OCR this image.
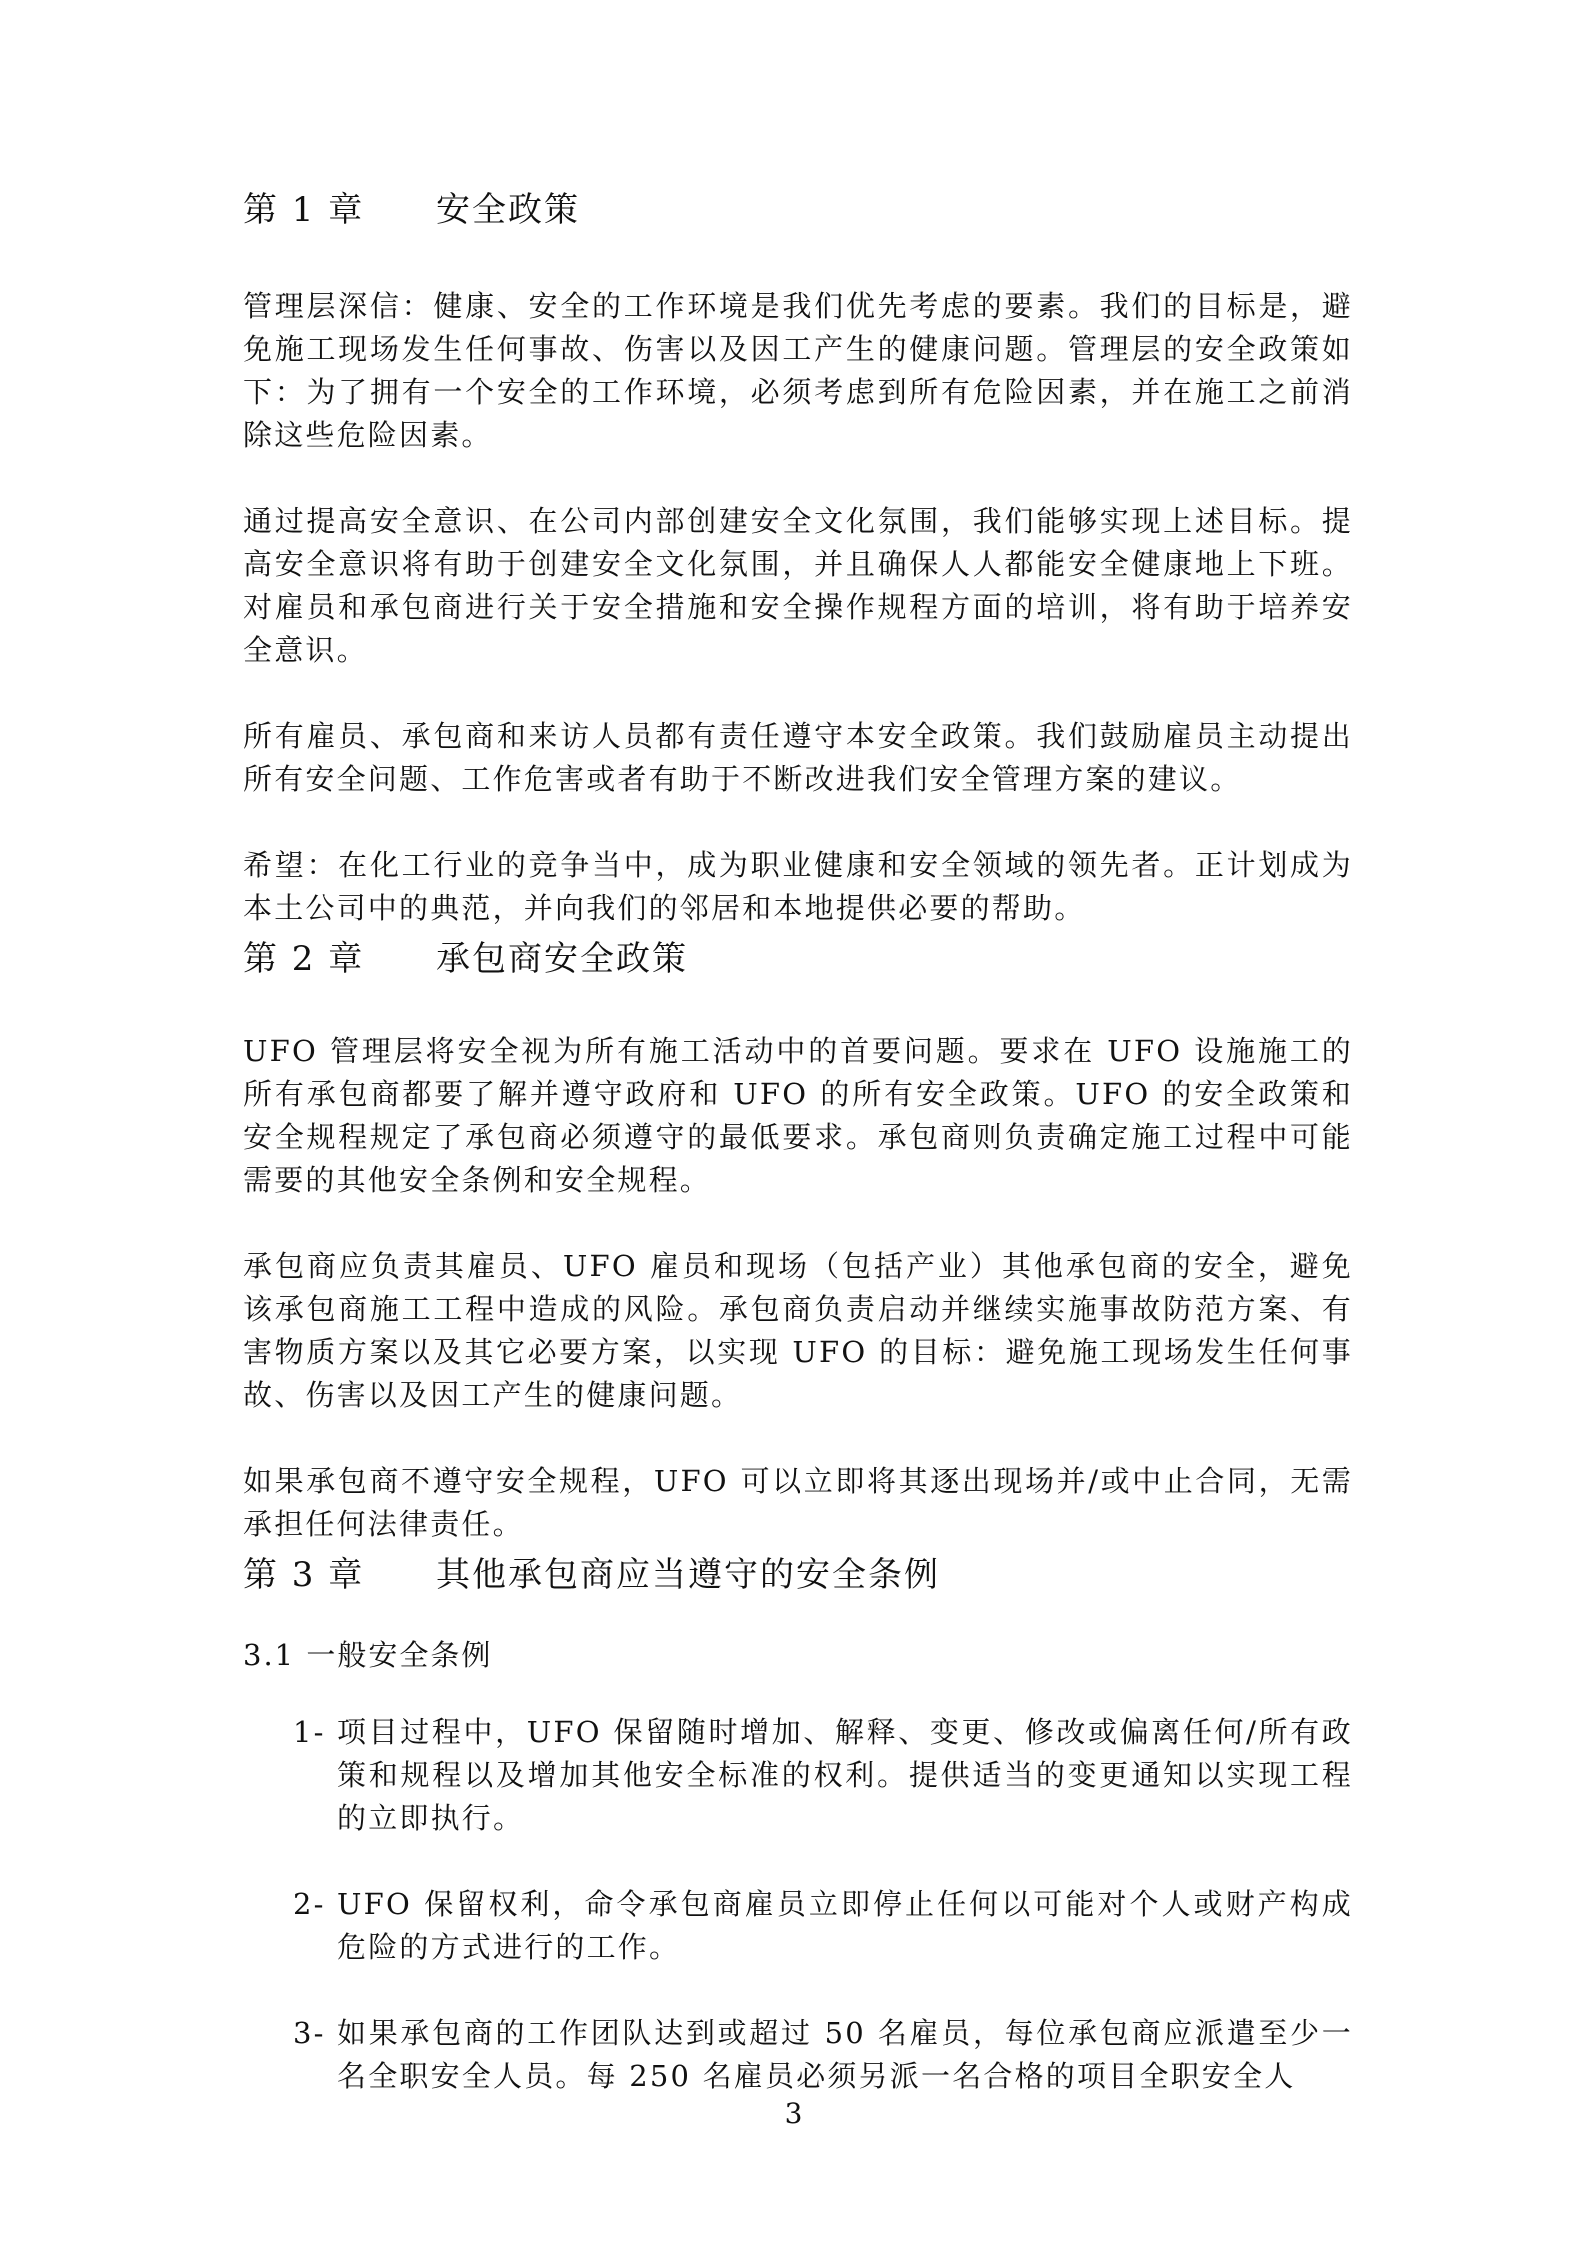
第 1 章 安全政策

管理层深信：健康、安全的工作环境是我们优先考虑的要素。我们的目标是，避免施工现场发生任何事故、伤害以及因工产生的健康问题。管理层的安全政策如下：为了拥有一个安全的工作环境，必须考虑到所有危险因素，并在施工之前消除这些危险因素。

通过提高安全意识、在公司内部创建安全文化氛围，我们能够实现上述目标。提高安全意识将有助于创建安全文化氛围，并且确保人人都能安全健康地上下班。对雇员和承包商进行关于安全措施和安全操作规程方面的培训，将有助于培养安全意识。

所有雇员、承包商和来访人员都有责任遵守本安全政策。我们鼓励雇员主动提出所有安全问题、工作危害或者有助于不断改进我们安全管理方案的建议。

希望：在化工行业的竞争当中，成为职业健康和安全领域的领先者。正计划成为本土公司中的典范，并向我们的邻居和本地提供必要的帮助。

第 2 章 承包商安全政策

UFO 管理层将安全视为所有施工活动中的首要问题。要求在 UFO 设施施工的所有承包商都要了解并遵守政府和 UFO 的所有安全政策。UFO 的安全政策和安全规程规定了承包商必须遵守的最低要求。承包商则负责确定施工过程中可能需要的其他安全条例和安全规程。

承包商应负责其雇员、UFO 雇员和现场（包括产业）其他承包商的安全，避免该承包商施工工程中造成的风险。承包商负责启动并继续实施事故防范方案、有害物质方案以及其它必要方案，以实现 UFO 的目标：避免施工现场发生任何事故、伤害以及因工产生的健康问题。

如果承包商不遵守安全规程，UFO 可以立即将其逐出现场并/或中止合同，无需承担任何法律责任。

第 3 章 其他承包商应当遵守的安全条例
3.1 一般安全条例
1- 项目过程中，UFO 保留随时增加、解释、变更、修改或偏离任何/所有政策和规程以及增加其他安全标准的权利。提供适当的变更通知以实现工程的立即执行。
2- UFO 保留权利，命令承包商雇员立即停止任何以可能对个人或财产构成危险的方式进行的工作。
3- 如果承包商的工作团队达到或超过 50 名雇员，每位承包商应派遣至少一名全职安全人员。每 250 名雇员必须另派一名合格的项目全职安全人
3
